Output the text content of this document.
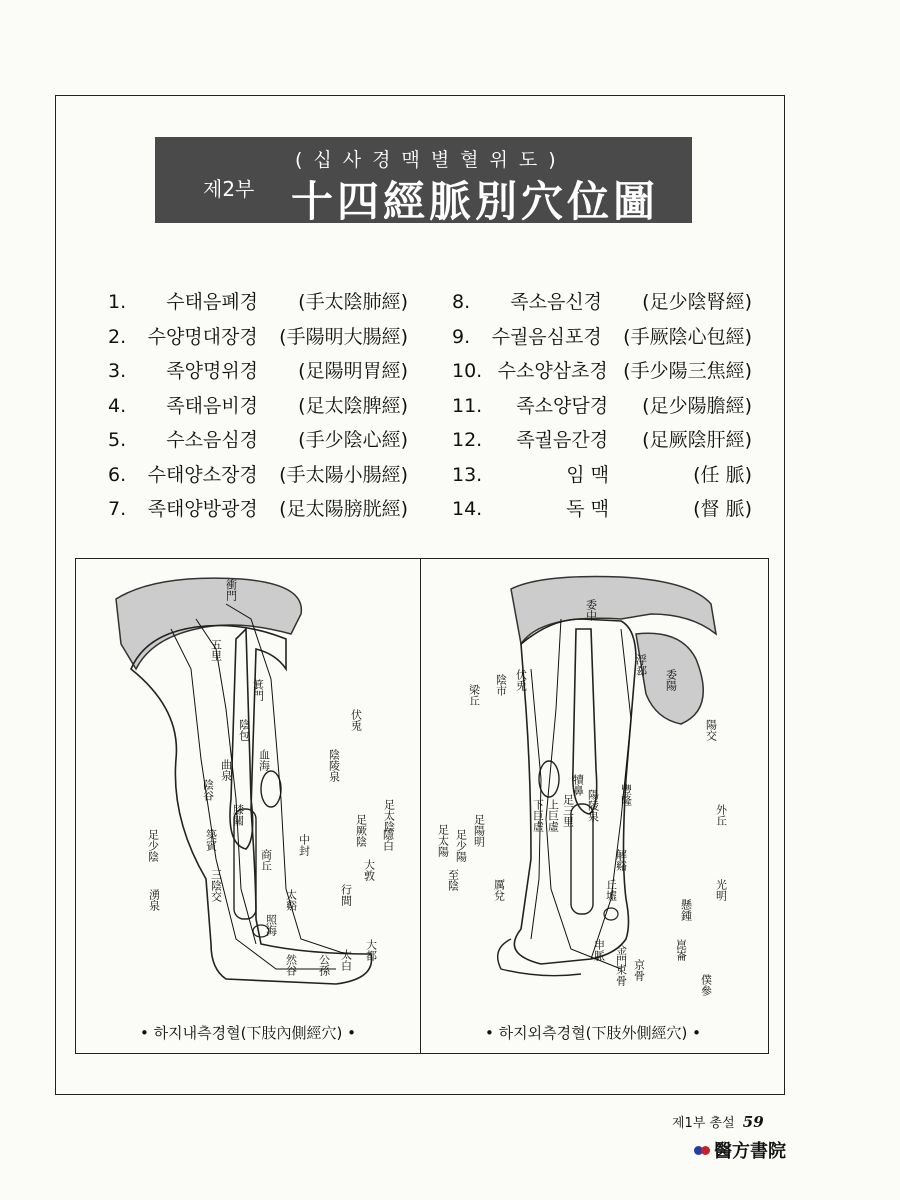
제2부
(십사경맥별혈위도)
十四經脈別穴位圖
1. 수태음폐경 (手太陰肺經)
2. 수양명대장경 (手陽明大腸經)
3. 족양명위경 (足陽明胃經)
4. 족태음비경 (足太陰脾經)
5. 수소음심경 (手少陰心經)
6. 수태양소장경 (手太陽小腸經)
7. 족태양방광경 (足太陽膀胱經)
8. 족소음신경 (足少陰腎經)
9. 수궐음심포경 (手厥陰心包經)
10. 수소양삼초경 (手少陽三焦經)
11. 족소양담경 (足少陽膽經)
12. 족궐음간경 (足厥陰肝經)
13.	임 맥	(任 脈)
14.	독 맥	(督 脈)
衝門
箕門
血海
陰包
曲泉
陰谷
伏兎
陰陵泉
膝關
築賓
三陰交	太谿
照海
然谷 公孫 太白 大都
隱白
商丘
中封
湧泉	行間
五里
足厥陰 足太陰
大敦
足少陰
• 하지내측경혈(下肢內側經穴) •
伏兎
陰市
梁丘
犢鼻
足三里
上巨虛
下巨虛
豐隆
解谿
陽陵泉
陽交
外丘
光明
懸鍾
丘墟
崑崙
申脈 金門
京骨
束骨
浮郄
委陽
委中
足陽明
足少陽
足太陽
至陰	厲兌
僕參
• 하지외측경혈(下肢外側經穴) •
제1부 총설 59
醫方書院
